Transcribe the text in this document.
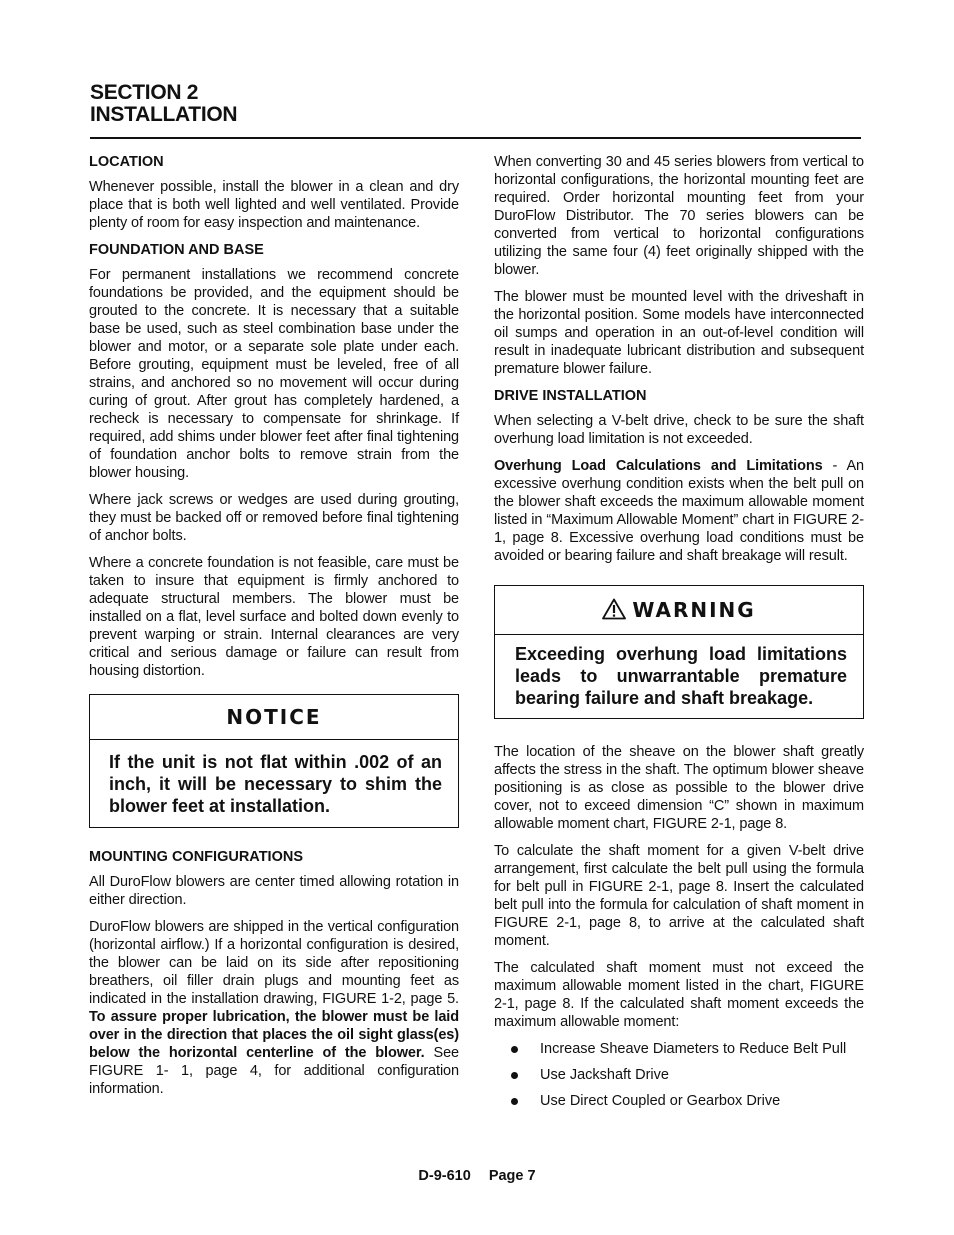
SECTION 2
INSTALLATION
LOCATION

Whenever possible, install the blower in a clean and dry place that is both well lighted and well ventilated. Provide plenty of room for easy inspection and maintenance.

FOUNDATION AND BASE

For permanent installations we recommend concrete foundations be provided, and the equipment should be grouted to the concrete. It is necessary that a suitable base be used, such as steel combination base under the blower and motor, or a separate sole plate under each. Before grouting, equipment must be leveled, free of all strains, and anchored so no movement will occur during curing of grout. After grout has completely hardened, a recheck is necessary to compensate for shrinkage. If required, add shims under blower feet after final tightening of foundation anchor bolts to remove strain from the blower housing.

Where jack screws or wedges are used during grouting, they must be backed off or removed before final tightening of anchor bolts.

Where a concrete foundation is not feasible, care must be taken to insure that equipment is firmly anchored to adequate structural members. The blower must be installed on a flat, level surface and bolted down evenly to prevent warping or strain. Internal clearances are very critical and serious damage or failure can result from housing distortion.

NOTICE
If the unit is not flat within .002 of an inch, it will be necessary to shim the blower feet at installation.
MOUNTING CONFIGURATIONS

All DuroFlow blowers are center timed allowing rotation in either direction.

DuroFlow blowers are shipped in the vertical configuration (horizontal airflow.) If a horizontal configuration is desired, the blower can be laid on its side after repositioning breathers, oil filler drain plugs and mounting feet as indicated in the installation drawing, FIGURE 1-2, page 5. To assure proper lubrication, the blower must be laid over in the direction that places the oil sight glass(es) below the horizontal centerline of the blower. See FIGURE 1- 1, page 4, for additional configuration information.

When converting 30 and 45 series blowers from vertical to horizontal configurations, the horizontal mounting feet are required. Order horizontal mounting feet from your DuroFlow Distributor. The 70 series blowers can be converted from vertical to horizontal configurations utilizing the same four (4) feet originally shipped with the blower.

The blower must be mounted level with the driveshaft in the horizontal position. Some models have interconnected oil sumps and operation in an out-of-level condition will result in inadequate lubricant distribution and subsequent premature blower failure.

DRIVE INSTALLATION

When selecting a V-belt drive, check to be sure the shaft overhung load limitation is not exceeded.

Overhung Load Calculations and Limitations - An excessive overhung condition exists when the belt pull on the blower shaft exceeds the maximum allowable moment listed in “Maximum Allowable Moment” chart in FIGURE 2-1, page 8. Excessive overhung load conditions must be avoided or bearing failure and shaft breakage will result.

WARNING
Exceeding overhung load limitations leads to unwarrantable premature bearing failure and shaft breakage.

The location of the sheave on the blower shaft greatly affects the stress in the shaft. The optimum blower sheave positioning is as close as possible to the blower drive cover, not to exceed dimension “C” shown in maximum allowable moment chart, FIGURE 2-1, page 8.

To calculate the shaft moment for a given V-belt drive arrangement, first calculate the belt pull using the formula for belt pull in FIGURE 2-1, page 8. Insert the calculated belt pull into the formula for calculation of shaft moment in FIGURE 2-1, page 8, to arrive at the calculated shaft moment.

The calculated shaft moment must not exceed the maximum allowable moment listed in the chart, FIGURE 2-1, page 8. If the calculated shaft moment exceeds the maximum allowable moment:

Increase Sheave Diameters to Reduce Belt Pull
Use Jackshaft Drive
Use Direct Coupled or Gearbox Drive
D-9-610 Page 7
